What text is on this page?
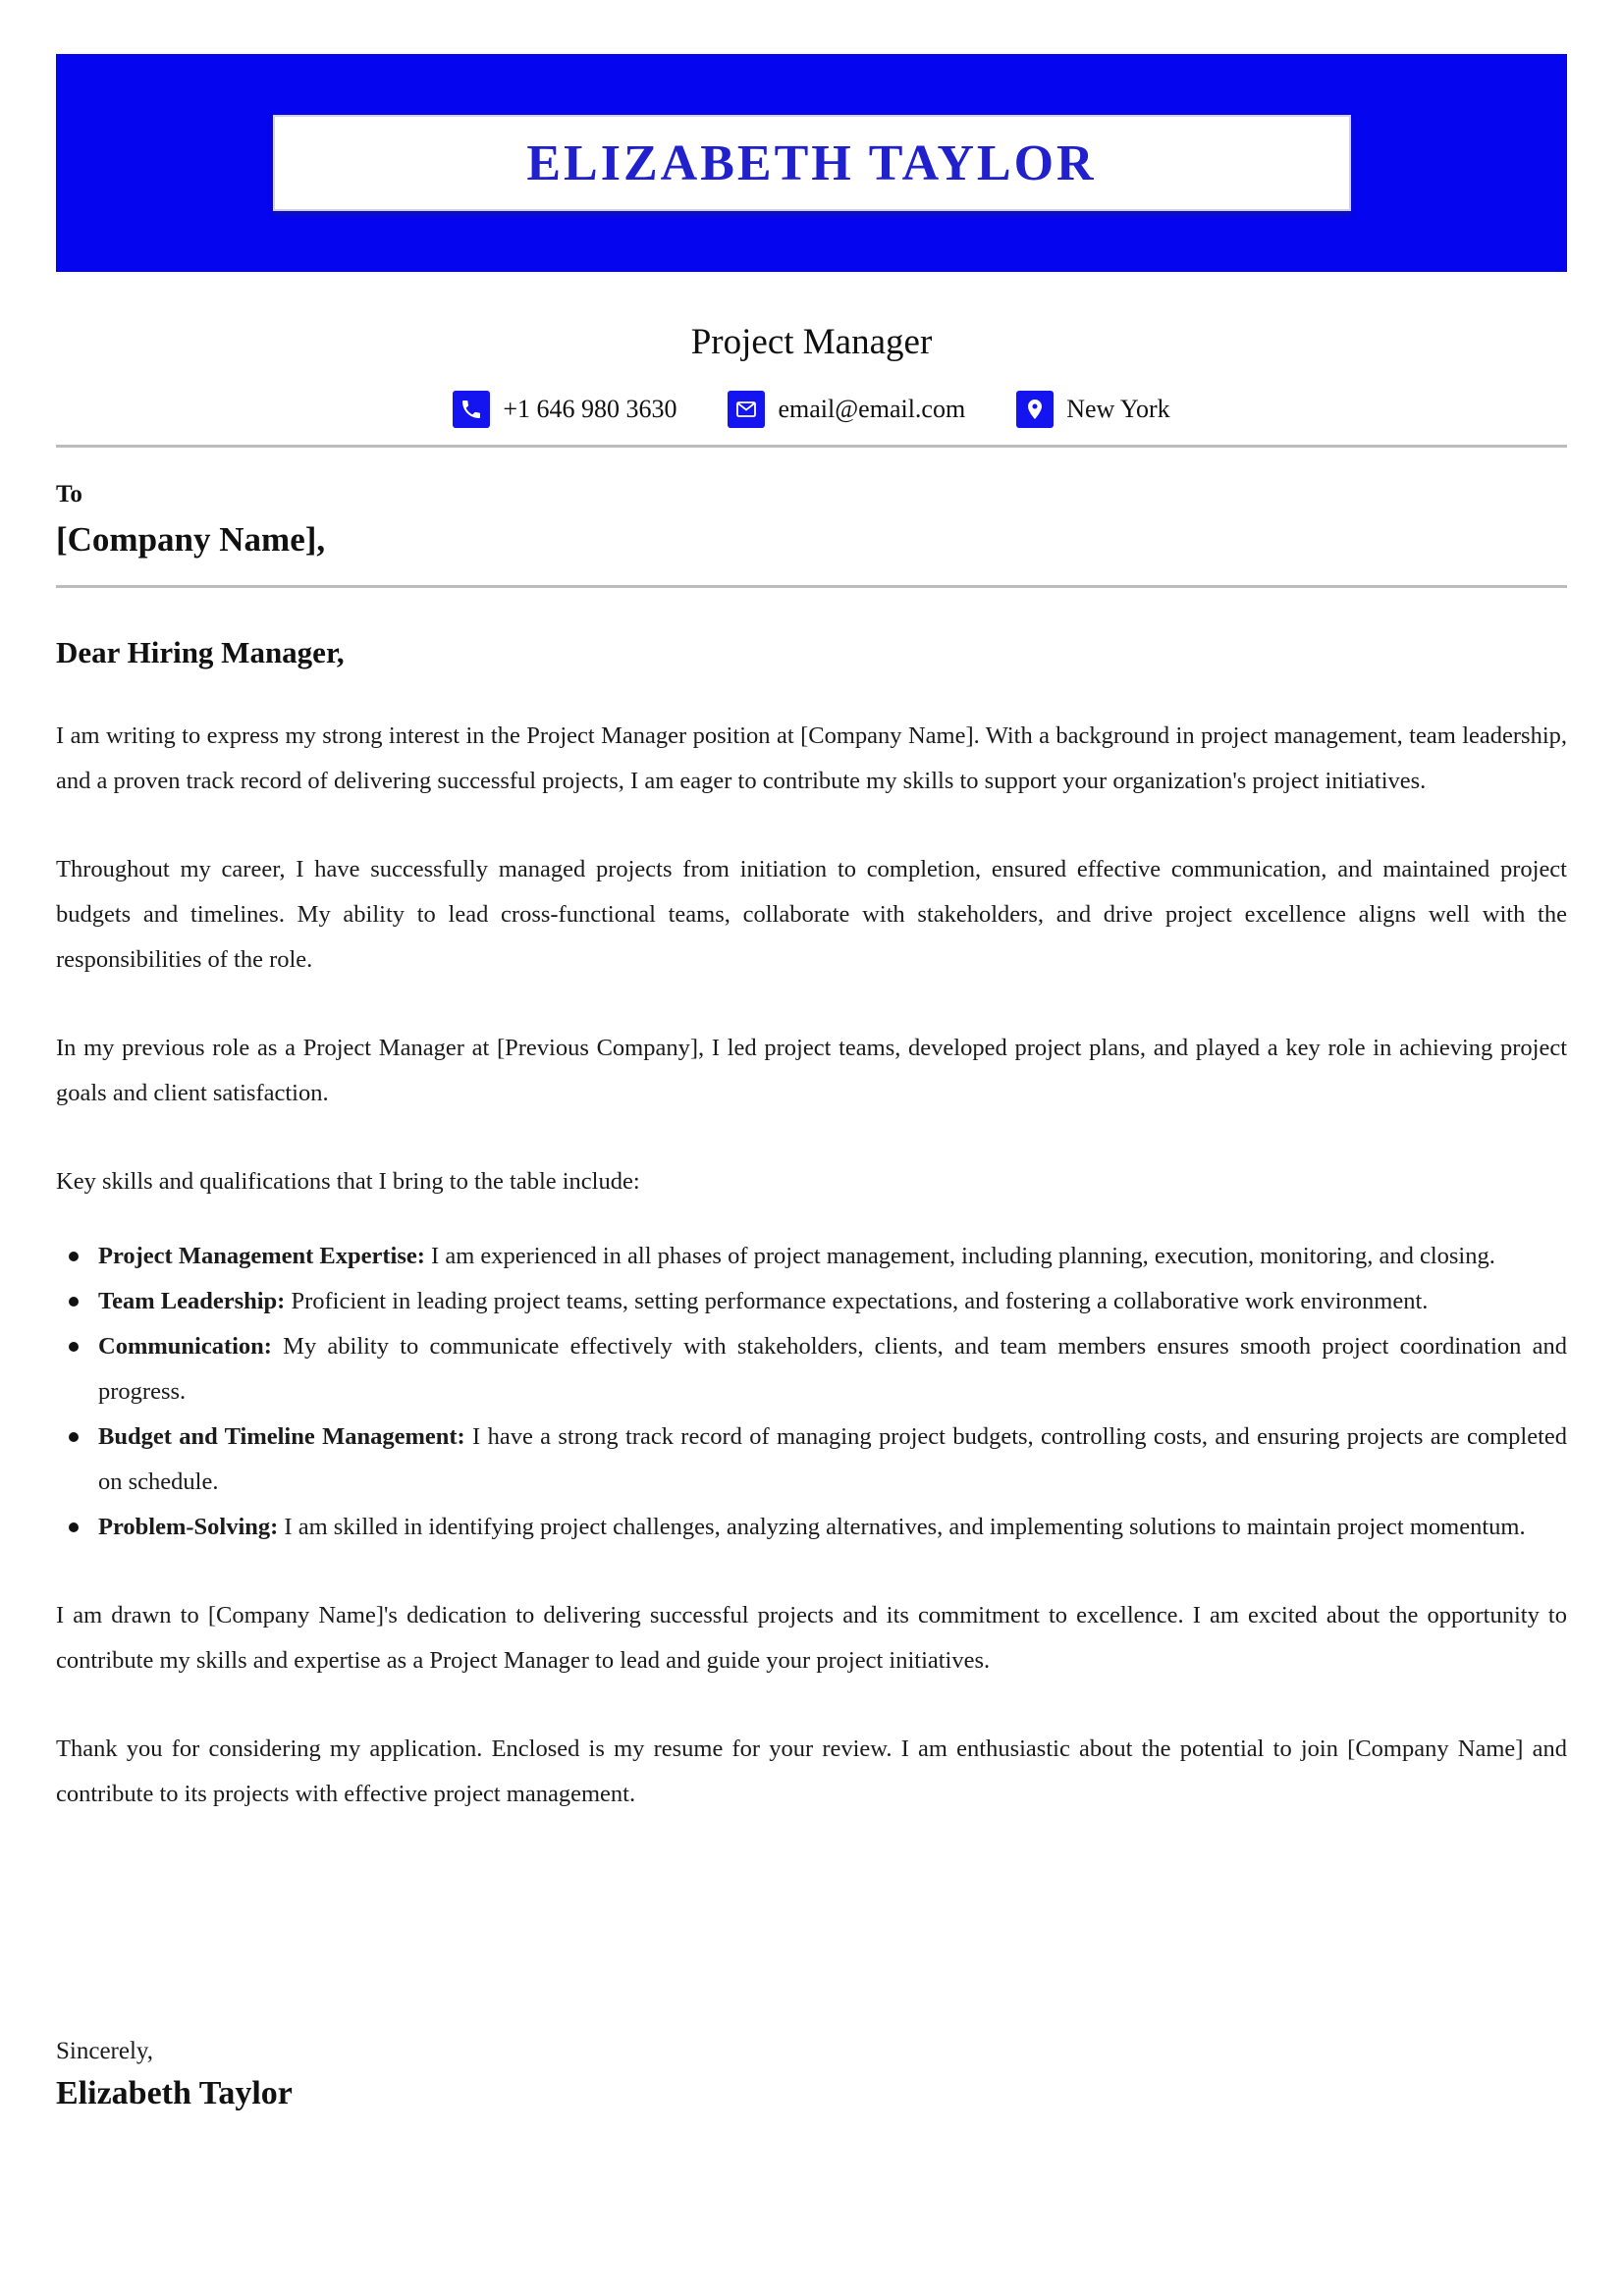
ELIZABETH TAYLOR
Project Manager
+1 646 980 3630	email@email.com	New York
To
[Company Name],
Dear Hiring Manager,

I am writing to express my strong interest in the Project Manager position at [Company Name]. With a background in project management, team leadership, and a proven track record of delivering successful projects, I am eager to contribute my skills to support your organization's project initiatives.

Throughout my career, I have successfully managed projects from initiation to completion, ensured effective communication, and maintained project budgets and timelines. My ability to lead cross-functional teams, collaborate with stakeholders, and drive project excellence aligns well with the responsibilities of the role.

In my previous role as a Project Manager at [Previous Company], I led project teams, developed project plans, and played a key role in achieving project goals and client satisfaction.

Key skills and qualifications that I bring to the table include:

Project Management Expertise: I am experienced in all phases of project management, including planning, execution, monitoring, and closing.
Team Leadership: Proficient in leading project teams, setting performance expectations, and fostering a collaborative work environment.
Communication: My ability to communicate effectively with stakeholders, clients, and team members ensures smooth project coordination and progress.
Budget and Timeline Management: I have a strong track record of managing project budgets, controlling costs, and ensuring projects are completed on schedule.
Problem-Solving: I am skilled in identifying project challenges, analyzing alternatives, and implementing solutions to maintain project momentum.

I am drawn to [Company Name]'s dedication to delivering successful projects and its commitment to excellence. I am excited about the opportunity to contribute my skills and expertise as a Project Manager to lead and guide your project initiatives.

Thank you for considering my application. Enclosed is my resume for your review. I am enthusiastic about the potential to join [Company Name] and contribute to its projects with effective project management.

Sincerely,
Elizabeth Taylor
